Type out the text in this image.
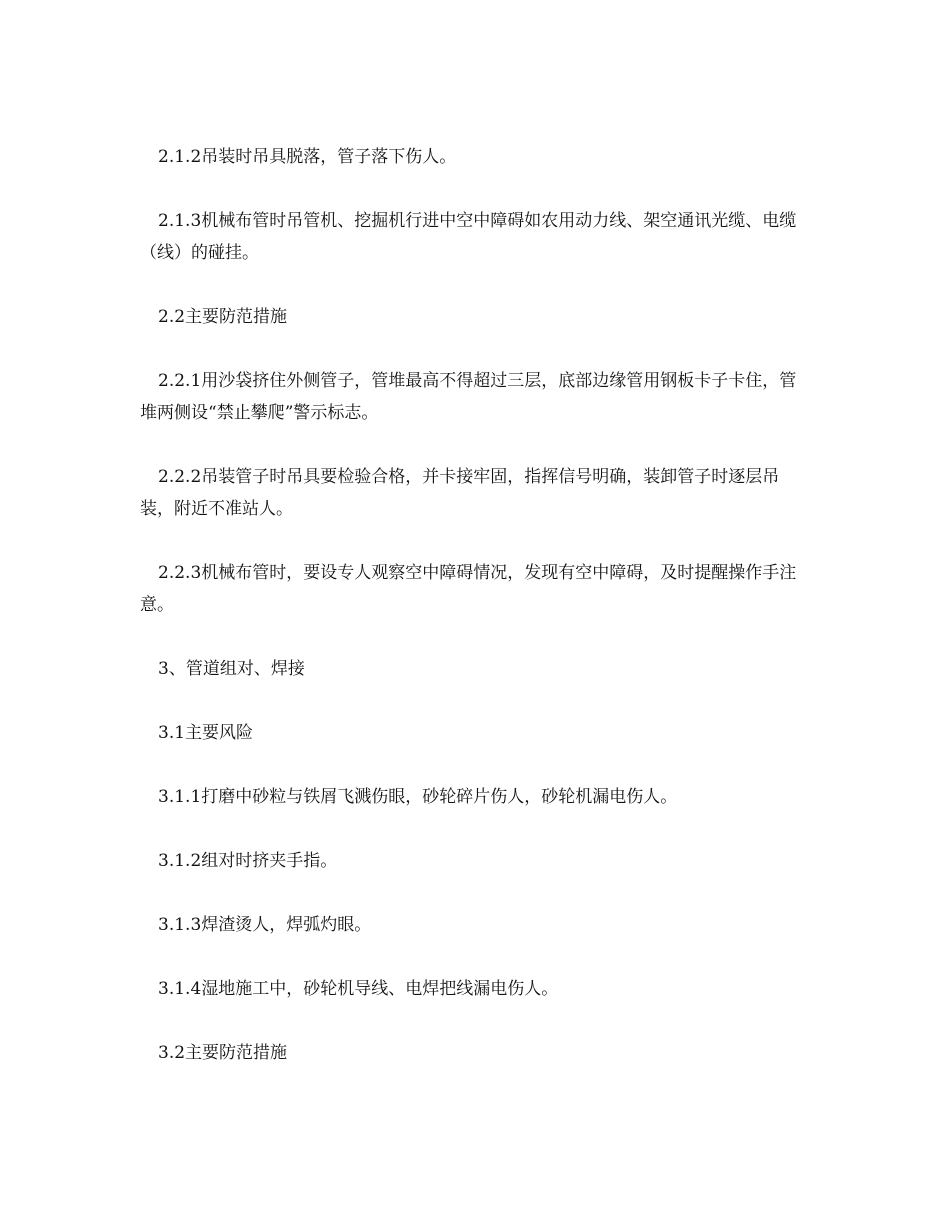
2.1.2吊装时吊具脱落，管子落下伤人。

2.1.3机械布管时吊管机、挖掘机行进中空中障碍如农用动力线、架空通讯光缆、电缆（线）的碰挂。

2.2主要防范措施

2.2.1用沙袋挤住外侧管子，管堆最高不得超过三层，底部边缘管用钢板卡子卡住，管堆两侧设“禁止攀爬”警示标志。

2.2.2吊装管子时吊具要检验合格，并卡接牢固，指挥信号明确，装卸管子时逐层吊装，附近不准站人。

2.2.3机械布管时，要设专人观察空中障碍情况，发现有空中障碍，及时提醒操作手注意。

3、管道组对、焊接

3.1主要风险

3.1.1打磨中砂粒与铁屑飞溅伤眼，砂轮碎片伤人，砂轮机漏电伤人。

3.1.2组对时挤夹手指。

3.1.3焊渣烫人，焊弧灼眼。

3.1.4湿地施工中，砂轮机导线、电焊把线漏电伤人。

3.2主要防范措施
